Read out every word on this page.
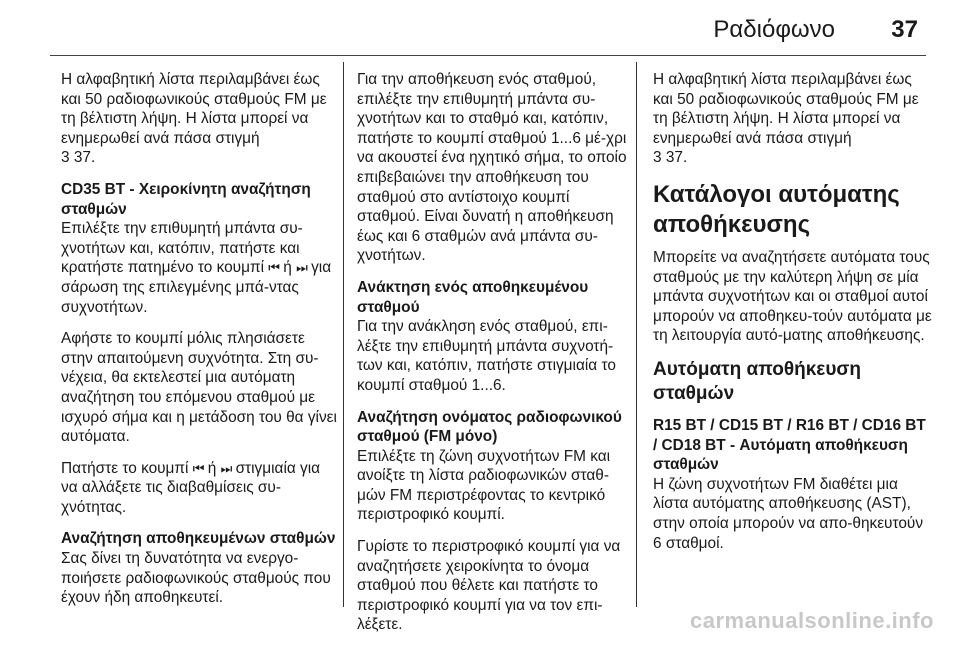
Ραδιόφωνο 37

Η αλφαβητική λίστα περιλαμβάνει έως και 50 ραδιοφωνικούς σταθμούς FM με τη βέλτιστη λήψη. Η λίστα μπορεί να ενημερωθεί ανά πάσα στιγμή
3 37.

CD35 BT - Χειροκίνητη αναζήτηση σταθμών

Επιλέξτε την επιθυμητή μπάντα συ-χνοτήτων και, κατόπιν, πατήστε και κρατήστε πατημένο το κουμπί ⏮ ή ⏭ για σάρωση της επιλεγμένης μπά-ντας συχνοτήτων.

Αφήστε το κουμπί μόλις πλησιάσετε στην απαιτούμενη συχνότητα. Στη συ-νέχεια, θα εκτελεστεί μια αυτόματη αναζήτηση του επόμενου σταθμού με ισχυρό σήμα και η μετάδοση του θα γίνει αυτόματα.

Πατήστε το κουμπί ⏮ ή ⏭ στιγμιαία για να αλλάξετε τις διαβαθμίσεις συ-χνότητας.

Αναζήτηση αποθηκευμένων σταθμών

Σας δίνει τη δυνατότητα να ενεργο-ποιήσετε ραδιοφωνικούς σταθμούς που έχουν ήδη αποθηκευτεί.

Για την αποθήκευση ενός σταθμού, επιλέξτε την επιθυμητή μπάντα συ-χνοτήτων και το σταθμό και, κατόπιν, πατήστε το κουμπί σταθμού 1...6 μέ-χρι να ακουστεί ένα ηχητικό σήμα, το οποίο επιβεβαιώνει την αποθήκευση του σταθμού στο αντίστοιχο κουμπί σταθμού. Είναι δυνατή η αποθήκευση έως και 6 σταθμών ανά μπάντα συ-χνοτήτων.

Ανάκτηση ενός αποθηκευμένου σταθμού

Για την ανάκληση ενός σταθμού, επι-λέξτε την επιθυμητή μπάντα συχνοτή-των και, κατόπιν, πατήστε στιγμιαία το κουμπί σταθμού 1...6.

Αναζήτηση ονόματος ραδιοφωνικού σταθμού (FM μόνο)

Επιλέξτε τη ζώνη συχνοτήτων FM και ανοίξτε τη λίστα ραδιοφωνικών σταθ-μών FM περιστρέφοντας το κεντρικό περιστροφικό κουμπί.

Γυρίστε το περιστροφικό κουμπί για να αναζητήσετε χειροκίνητα το όνομα σταθμού που θέλετε και πατήστε το περιστροφικό κουμπί για να τον επι-λέξετε.

Η αλφαβητική λίστα περιλαμβάνει έως και 50 ραδιοφωνικούς σταθμούς FM με τη βέλτιστη λήψη. Η λίστα μπορεί να ενημερωθεί ανά πάσα στιγμή
3 37.

Κατάλογοι αυτόματης αποθήκευσης

Μπορείτε να αναζητήσετε αυτόματα τους σταθμούς με την καλύτερη λήψη σε μία μπάντα συχνοτήτων και οι σταθμοί αυτοί μπορούν να αποθηκευ-τούν αυτόματα με τη λειτουργία αυτό-ματης αποθήκευσης.

Αυτόματη αποθήκευση σταθμών
R15 BT / CD15 BT / R16 BT / CD16 BT / CD18 BT - Αυτόματη αποθήκευση σταθμών

Η ζώνη συχνοτήτων FM διαθέτει μια λίστα αυτόματης αποθήκευσης (AST), στην οποία μπορούν να απο-θηκευτούν 6 σταθμοί.

carmanualsonline.info
